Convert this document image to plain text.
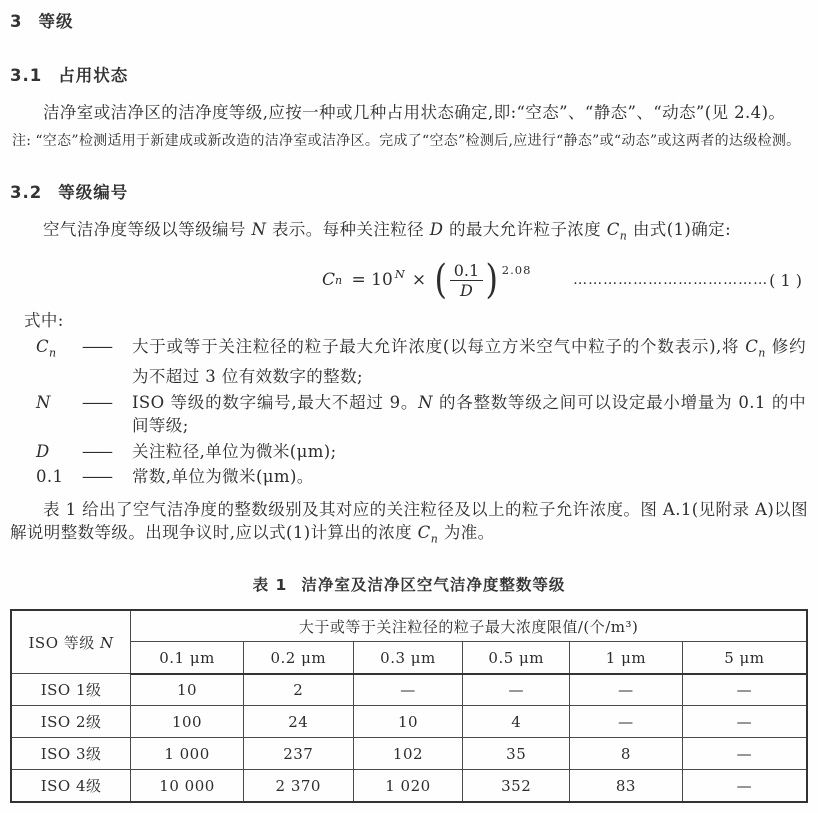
3 等级
3.1 占用状态

洁净室或洁净区的洁净度等级,应按一种或几种占用状态确定,即:“空态”、“静态”、“动态”(见 2.4)。

注: “空态”检测适用于新建成或新改造的洁净室或洁净区。完成了“空态”检测后,应进行“静态”或“动态”或这两者的达级检测。
3.2 等级编号

空气洁净度等级以等级编号 N 表示。每种关注粒径 D 的最大允许粒子浓度 $C_n$ 由式(1)确定:

C n = 10 N × ( $\frac{0.1}{D}$ ) 2.08
………………………………… ( 1 )
式中:
$C_n$	——	大于或等于关注粒径的粒子最大允许浓度(以每立方米空气中粒子的个数表示),将 $C_n$ 修约为不超过 3 位有效数字的整数;
N	——	ISO 等级的数字编号,最大不超过 9。N 的各整数等级之间可以设定最小增量为 0.1 的中间等级;
D	——	关注粒径,单位为微米(μm);
0.1	——	常数,单位为微米(μm)。

表 1 给出了空气洁净度的整数级别及其对应的关注粒径及以上的粒子允许浓度。图 A.1(见附录 A)以图解说明整数等级。出现争议时,应以式(1)计算出的浓度 $C_n$ 为准。

表 1 洁净室及洁净区空气洁净度整数等级
ISO 等级 N	大于或等于关注粒径的粒子最大浓度限值/(个/m³)					
	0.1 μm	0.2 μm	0.3 μm	0.5 μm	1 μm	5 μm
ISO 1级	10	2	—	—	—	—
ISO 2级	100	24	10	4	—	—
ISO 3级	1 000	237	102	35	8	—
ISO 4级	10 000	2 370	1 020	352	83	—
